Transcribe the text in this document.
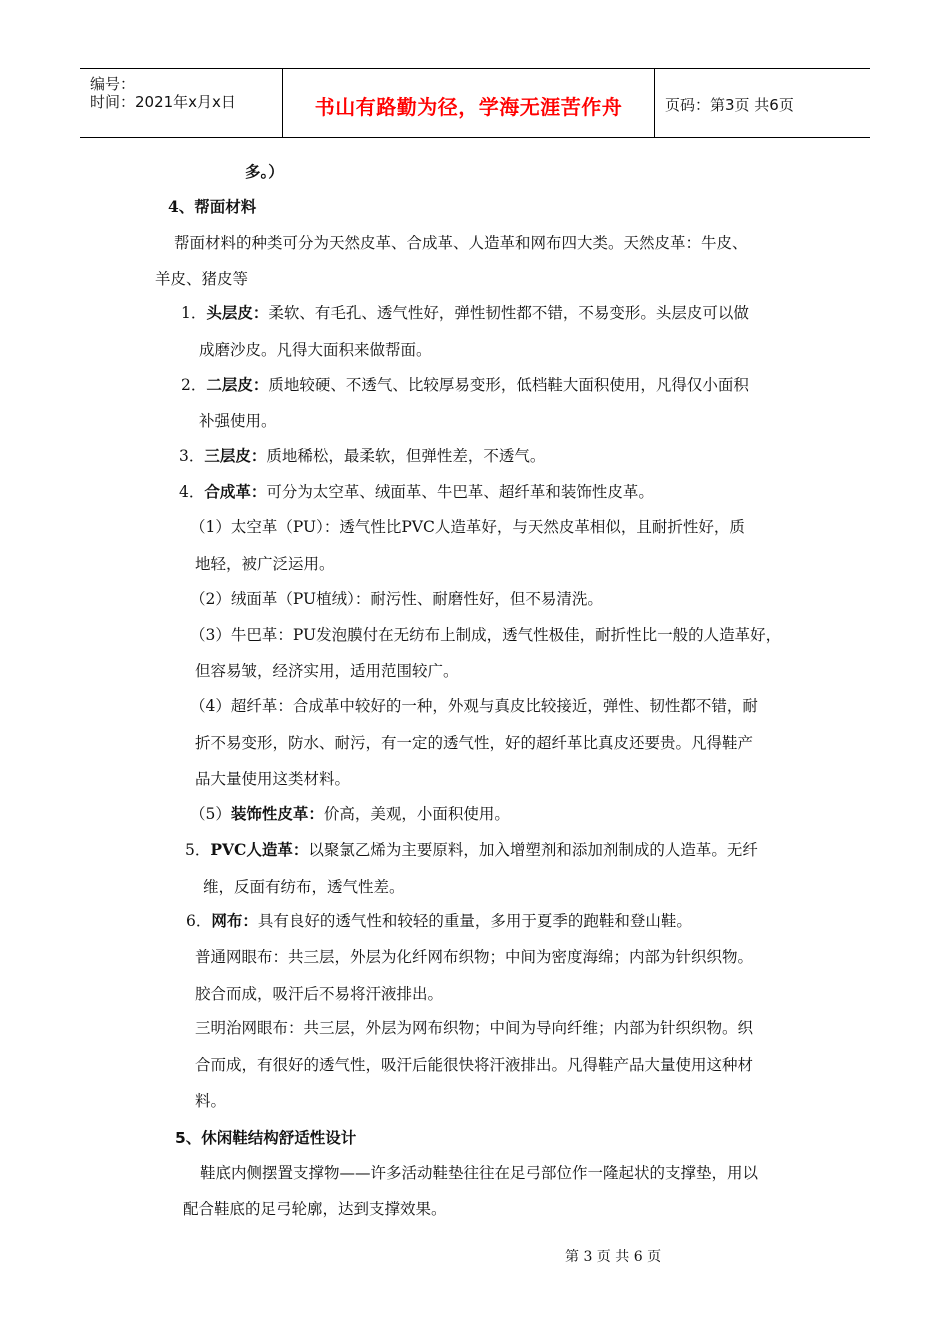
编号：
时间：2021年x月x日	书山有路勤为径，学海无涯苦作舟	页码：第3页 共6页
多。）
4、帮面材料
帮面材料的种类可分为天然皮革、合成革、人造革和网布四大类。天然皮革：牛皮、
羊皮、猪皮等
1．头层皮：柔软、有毛孔、透气性好，弹性韧性都不错，不易变形。头层皮可以做
成磨沙皮。凡得大面积来做帮面。
2．二层皮：质地较硬、不透气、比较厚易变形，低档鞋大面积使用，凡得仅小面积
补强使用。
3．三层皮：质地稀松，最柔软，但弹性差，不透气。
4．合成革：可分为太空革、绒面革、牛巴革、超纤革和装饰性皮革。
（1）太空革（PU）：透气性比PVC人造革好，与天然皮革相似，且耐折性好，质
地轻，被广泛运用。
（2）绒面革（PU植绒）：耐污性、耐磨性好，但不易清洗。
（3）牛巴革：PU发泡膜付在无纺布上制成，透气性极佳，耐折性比一般的人造革好，
但容易皱，经济实用，适用范围较广。
（4）超纤革：合成革中较好的一种，外观与真皮比较接近，弹性、韧性都不错，耐
折不易变形，防水、耐污，有一定的透气性，好的超纤革比真皮还要贵。凡得鞋产
品大量使用这类材料。
（5）装饰性皮革：价高，美观，小面积使用。
5．PVC人造革：以聚氯乙烯为主要原料，加入增塑剂和添加剂制成的人造革。无纤
维，反面有纺布，透气性差。
6．网布：具有良好的透气性和较轻的重量，多用于夏季的跑鞋和登山鞋。
普通网眼布：共三层，外层为化纤网布织物；中间为密度海绵；内部为针织织物。
胶合而成，吸汗后不易将汗液排出。
三明治网眼布：共三层，外层为网布织物；中间为导向纤维；内部为针织织物。织
合而成，有很好的透气性，吸汗后能很快将汗液排出。凡得鞋产品大量使用这种材
料。
5、休闲鞋结构舒适性设计
鞋底内侧摆置支撑物——许多活动鞋垫往往在足弓部位作一隆起状的支撑垫，用以
配合鞋底的足弓轮廓，达到支撑效果。
第 3 页 共 6 页
